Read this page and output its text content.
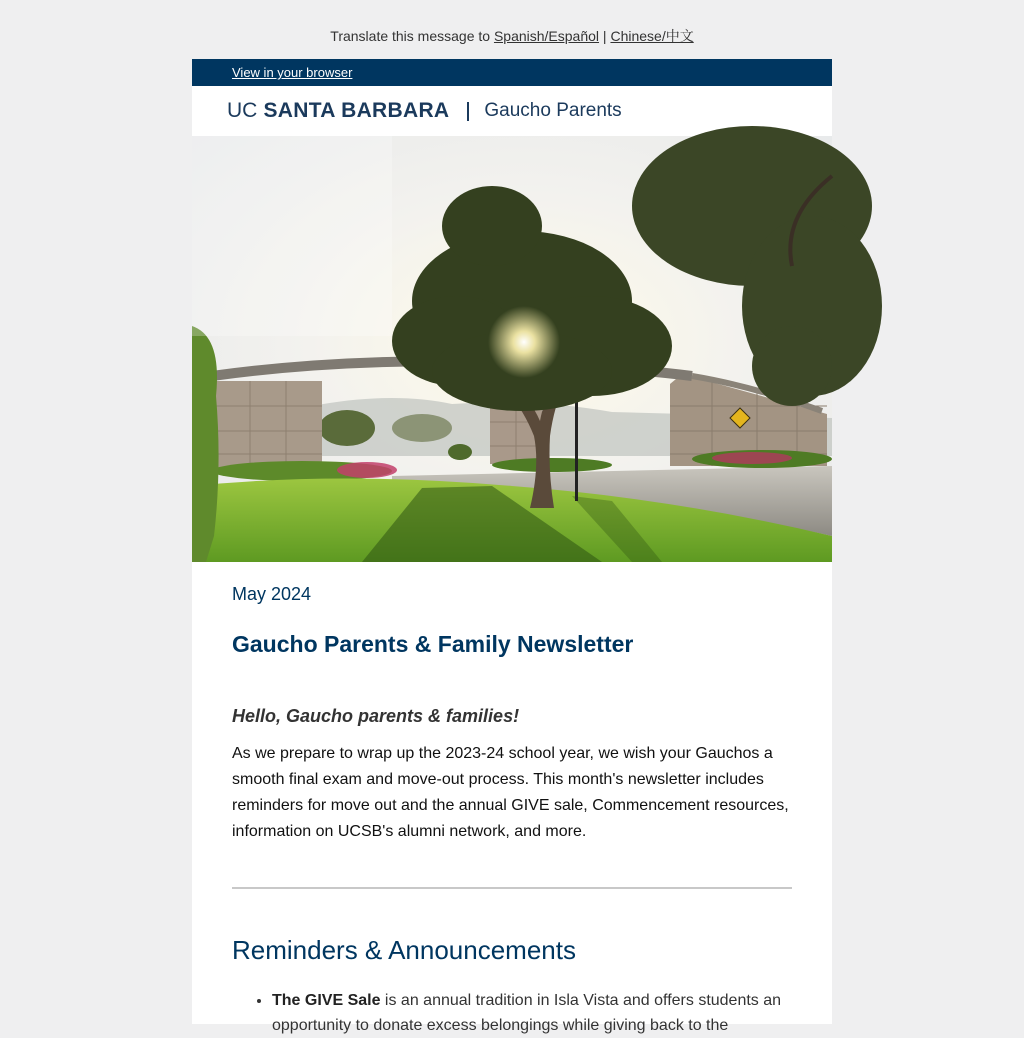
Translate this message to Spanish/Español | Chinese/中文
View in your browser
UC SANTA BARBARA Gaucho Parents
May 2024
Gaucho Parents & Family Newsletter
Hello, Gaucho parents & families!
As we prepare to wrap up the 2023-24 school year, we wish your Gauchos a smooth final exam and move-out process. This month's newsletter includes reminders for move out and the annual GIVE sale, Commencement resources, information on UCSB's alumni network, and more.
Reminders & Announcements
• The GIVE Sale is an annual tradition in Isla Vista and offers students an opportunity to donate excess belongings while giving back to the
